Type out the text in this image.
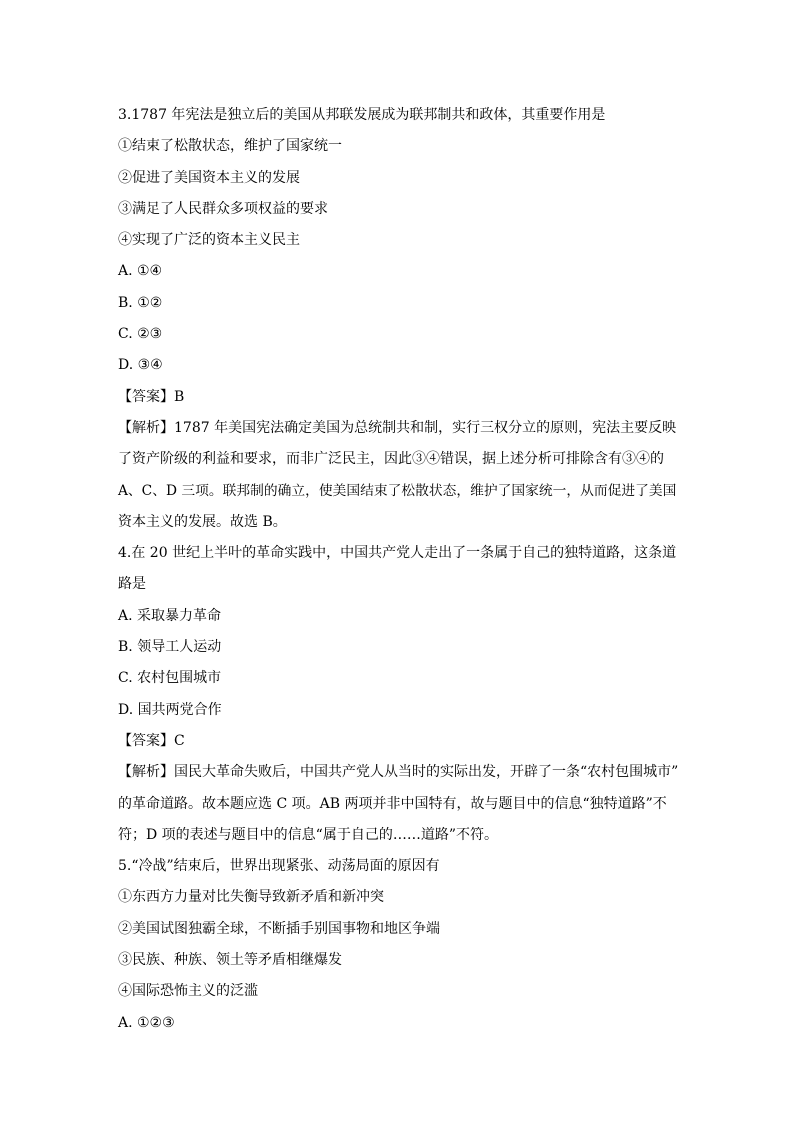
3.1787 年宪法是独立后的美国从邦联发展成为联邦制共和政体，其重要作用是
①结束了松散状态，维护了国家统一
②促进了美国资本主义的发展
③满足了人民群众多项权益的要求
④实现了广泛的资本主义民主
A. ①④
B. ①②
C. ②③
D. ③④
【答案】B
【解析】1787 年美国宪法确定美国为总统制共和制，实行三权分立的原则，宪法主要反映
了资产阶级的利益和要求，而非广泛民主，因此③④错误，据上述分析可排除含有③④的
A、C、D 三项。联邦制的确立，使美国结束了松散状态，维护了国家统一，从而促进了美国
资本主义的发展。故选 B。
4.在 20 世纪上半叶的革命实践中，中国共产党人走出了一条属于自己的独特道路，这条道
路是
A. 采取暴力革命
B. 领导工人运动
C. 农村包围城市
D. 国共两党合作
【答案】C
【解析】国民大革命失败后，中国共产党人从当时的实际出发，开辟了一条“农村包围城市”
的革命道路。故本题应选 C 项。AB 两项并非中国特有，故与题目中的信息“独特道路”不
符；D 项的表述与题目中的信息“属于自己的……道路”不符。
5.“冷战”结束后，世界出现紧张、动荡局面的原因有
①东西方力量对比失衡导致新矛盾和新冲突
②美国试图独霸全球，不断插手别国事物和地区争端
③民族、种族、领土等矛盾相继爆发
④国际恐怖主义的泛滥
A. ①②③
